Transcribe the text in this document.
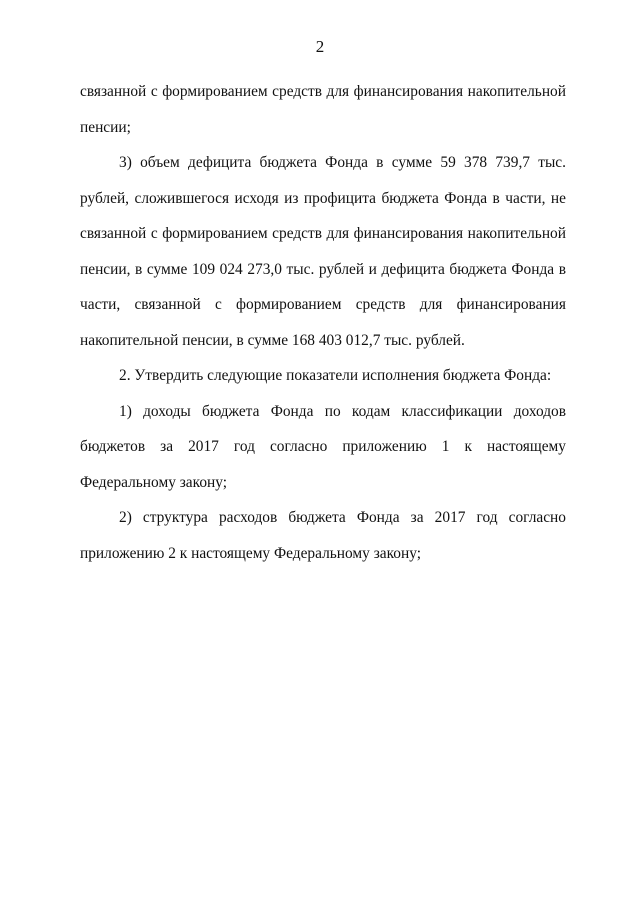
2

связанной с формированием средств для финансирования накопительной пенсии;

3) объем дефицита бюджета Фонда в сумме 59 378 739,7 тыс. рублей, сложившегося исходя из профицита бюджета Фонда в части, не связанной с формированием средств для финансирования накопительной пенсии, в сумме 109 024 273,0 тыс. рублей и дефицита бюджета Фонда в части, связанной с формированием средств для финансирования накопительной пенсии, в сумме 168 403 012,7 тыс. рублей.

2. Утвердить следующие показатели исполнения бюджета Фонда:

1) доходы бюджета Фонда по кодам классификации доходов бюджетов за 2017 год согласно приложению 1 к настоящему Федеральному закону;

2) структура расходов бюджета Фонда за 2017 год согласно приложению 2 к настоящему Федеральному закону;
